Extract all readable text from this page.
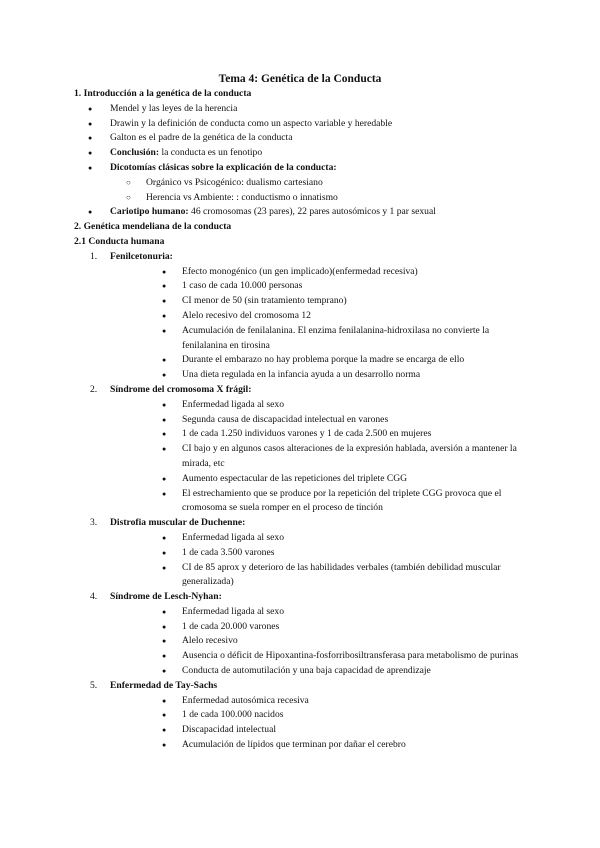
Tema 4: Genética de la Conducta

1. Introducción a la genética de la conducta

● Mendel y las leyes de la herencia
● Drawin y la definición de conducta como un aspecto variable y heredable
● Galton es el padre de la genética de la conducta
● Conclusión: la conducta es un fenotipo
● Dicotomías clásicas sobre la explicación de la conducta:
○ Orgánico vs Psicogénico: dualismo cartesiano
○ Herencia vs Ambiente: : conductismo o innatismo
● Cariotipo humano: 46 cromosomas (23 pares), 22 pares autosómicos y 1 par sexual

2. Genética mendeliana de la conducta

2.1 Conducta humana

1. Fenilcetonuria:
● Efecto monogénico (un gen implicado)(enfermedad recesiva)
● 1 caso de cada 10.000 personas
● CI menor de 50 (sin tratamiento temprano)
● Alelo recesivo del cromosoma 12
● Acumulación de fenilalanina. El enzima fenilalanina-hidroxilasa no convierte la fenilalanina en tirosina
● Durante el embarazo no hay problema porque la madre se encarga de ello
● Una dieta regulada en la infancia ayuda a un desarrollo norma
2. Síndrome del cromosoma X frágil:
● Enfermedad ligada al sexo
● Segunda causa de discapacidad intelectual en varones
● 1 de cada 1.250 individuos varones y 1 de cada 2.500 en mujeres
● CI bajo y en algunos casos alteraciones de la expresión hablada, aversión a mantener la mirada, etc
● Aumento espectacular de las repeticiones del triplete CGG
● El estrechamiento que se produce por la repetición del triplete CGG provoca que el cromosoma se suela romper en el proceso de tinción
3. Distrofia muscular de Duchenne:
● Enfermedad ligada al sexo
● 1 de cada 3.500 varones
● CI de 85 aprox y deterioro de las habilidades verbales (también debilidad muscular generalizada)
4. Síndrome de Lesch-Nyhan:
● Enfermedad ligada al sexo
● 1 de cada 20.000 varones
● Alelo recesivo
● Ausencia o déficit de Hipoxantina-fosforribosiltransferasa para metabolismo de purinas
● Conducta de automutilación y una baja capacidad de aprendizaje
5. Enfermedad de Tay-Sachs
● Enfermedad autosómica recesiva
● 1 de cada 100.000 nacidos
● Discapacidad intelectual
● Acumulación de lípidos que terminan por dañar el cerebro
